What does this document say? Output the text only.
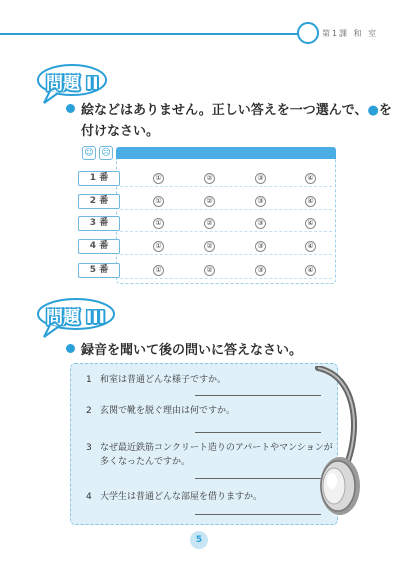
第1課 和 室
問題 II
絵などはありません。正しい答えを一つ選んで、●を
付けなさい。
☺ ☹
1 番	①	②	③	④
2 番	①	②	③	④
3 番	①	②	③	④
4 番	①	②	③	④
5 番	①	②	③	④
問題 III
録音を聞いて後の問いに答えなさい。
1 和室は普通どんな様子ですか。
2 玄関で靴を脱ぐ理由は何ですか。
3 なぜ最近鉄筋コンクリート造りのアパートやマンションが
多くなったんですか。
4 大学生は普通どんな部屋を借りますか。
5
